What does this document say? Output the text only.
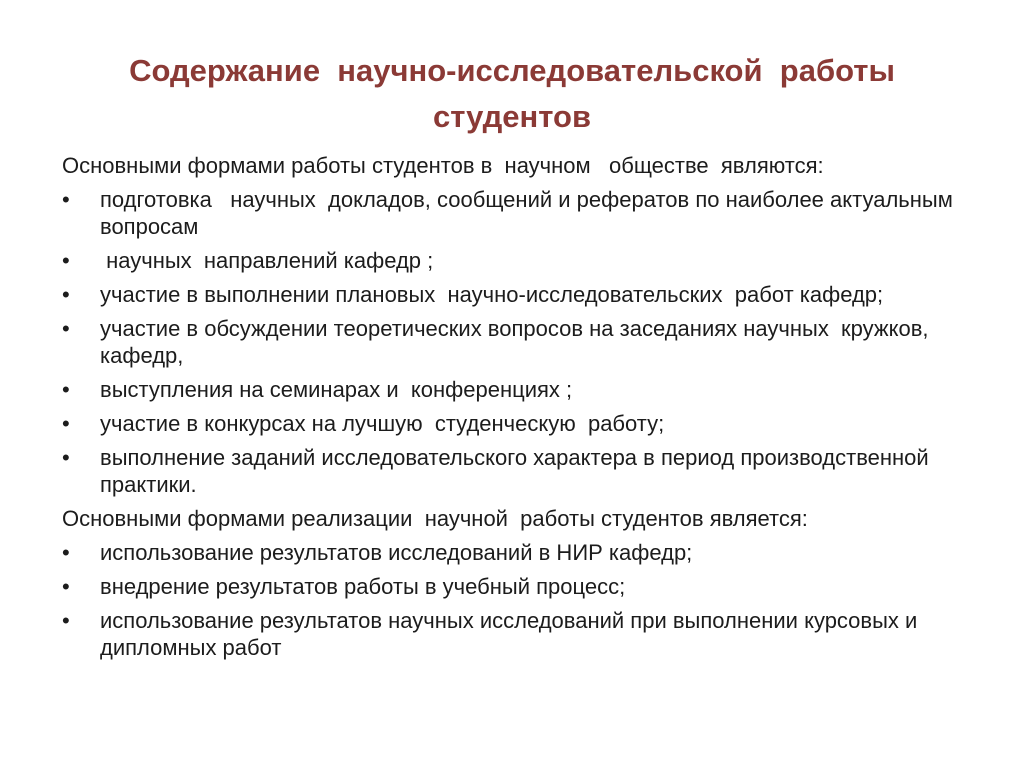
Содержание  научно-исследовательской  работы студентов

Основными формами работы студентов в  научном   обществе  являются:

•	подготовка   научных  докладов, сообщений и рефератов по наиболее актуальным вопросам
•	научных  направлений кафедр ;
•	участие в выполнении плановых  научно-исследовательских  работ кафедр;
•	участие в обсуждении теоретических вопросов на заседаниях научных  кружков, кафедр,
•	выступления на семинарах и  конференциях ;
•	участие в конкурсах на лучшую  студенческую  работу;
•	выполнение заданий исследовательского характера в период производственной практики.

Основными формами реализации  научной  работы студентов является:

•	использование результатов исследований в НИР кафедр;
•	внедрение результатов работы в учебный процесс;
•	использование результатов научных исследований при выполнении курсовых и дипломных работ
